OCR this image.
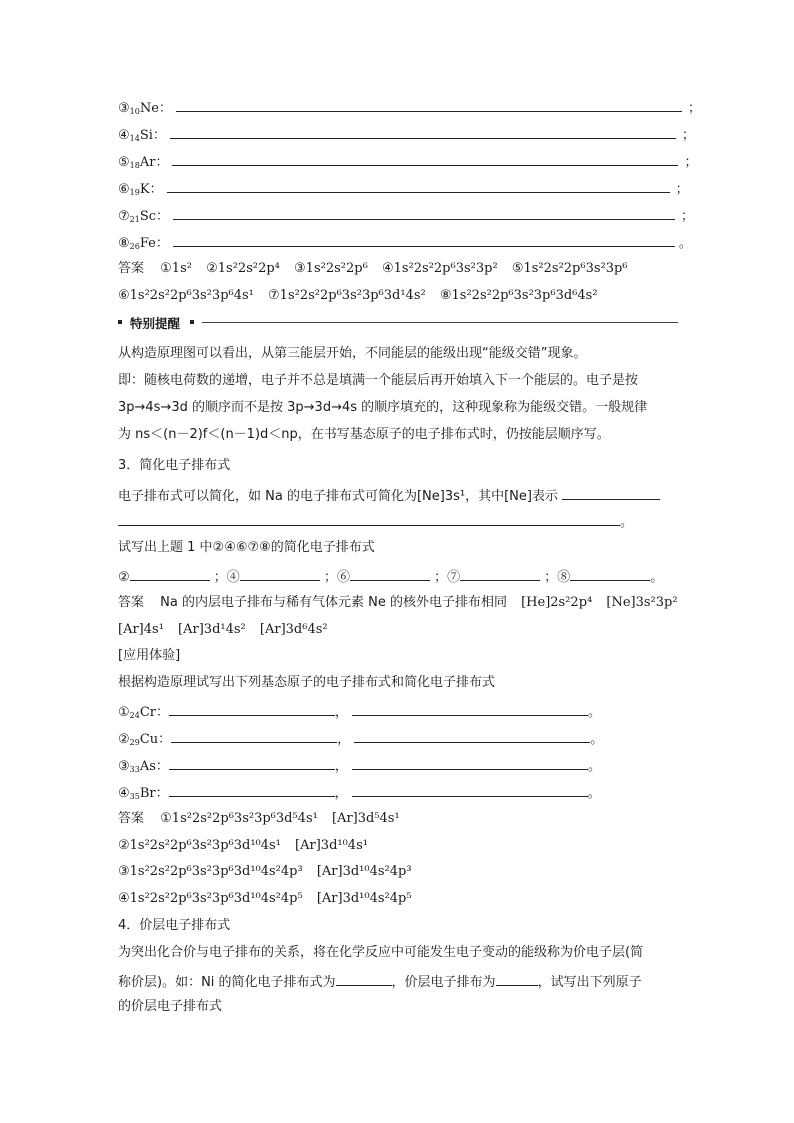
$③_{10}Ne$：	；
$④_{14}Si$：	；
$⑤_{18}Ar$：	；
$⑥_{19}K$：	；
$⑦_{21}Sc$：	；
$⑧_{26}Fe$：	。
答案 ①1s² ②1s²2s²2p⁴ ③1s²2s²2p⁶ ④1s²2s²2p⁶3s²3p² ⑤1s²2s²2p⁶3s²3p⁶
⑥1s²2s²2p⁶3s²3p⁶4s¹ ⑦1s²2s²2p⁶3s²3p⁶3d¹4s² ⑧1s²2s²2p⁶3s²3p⁶3d⁶4s²
特别提醒
从构造原理图可以看出，从第三能层开始，不同能层的能级出现“能级交错”现象。
即：随核电荷数的递增，电子并不总是填满一个能层后再开始填入下一个能层的。电子是按
3p→4s→3d 的顺序而不是按 3p→3d→4s 的顺序填充的，这种现象称为能级交错。一般规律
为 ns＜(n－2)f＜(n－1)d＜np，在书写基态原子的电子排布式时，仍按能层顺序写。
3．简化电子排布式
电子排布式可以简化，如 Na 的电子排布式可简化为[Ne]3s¹，其中[Ne]表示
。
试写出上题 1 中②④⑥⑦⑧的简化电子排布式
②	；④	；⑥	；⑦	；⑧	。
答案 Na 的内层电子排布与稀有气体元素 Ne 的核外电子排布相同 [He]2s²2p⁴ [Ne]3s²3p²
[Ar]4s¹ [Ar]3d¹4s² [Ar]3d⁶4s²
[应用体验]
根据构造原理试写出下列基态原子的电子排布式和简化电子排布式
$①_{24}Cr$：	，	。
$②_{29}Cu$：	，	。
$③_{33}As$：	，	。
$④_{35}Br$：	，	。
答案 ①1s²2s²2p⁶3s²3p⁶3d⁵4s¹ [Ar]3d⁵4s¹
②1s²2s²2p⁶3s²3p⁶3d¹⁰4s¹ [Ar]3d¹⁰4s¹
③1s²2s²2p⁶3s²3p⁶3d¹⁰4s²4p³ [Ar]3d¹⁰4s²4p³
④1s²2s²2p⁶3s²3p⁶3d¹⁰4s²4p⁵ [Ar]3d¹⁰4s²4p⁵
4．价层电子排布式
为突出化合价与电子排布的关系，将在化学反应中可能发生电子变动的能级称为价电子层(简
称价层)。如：Ni 的简化电子排布式为	，价层电子排布为	，试写出下列原子
的价层电子排布式
